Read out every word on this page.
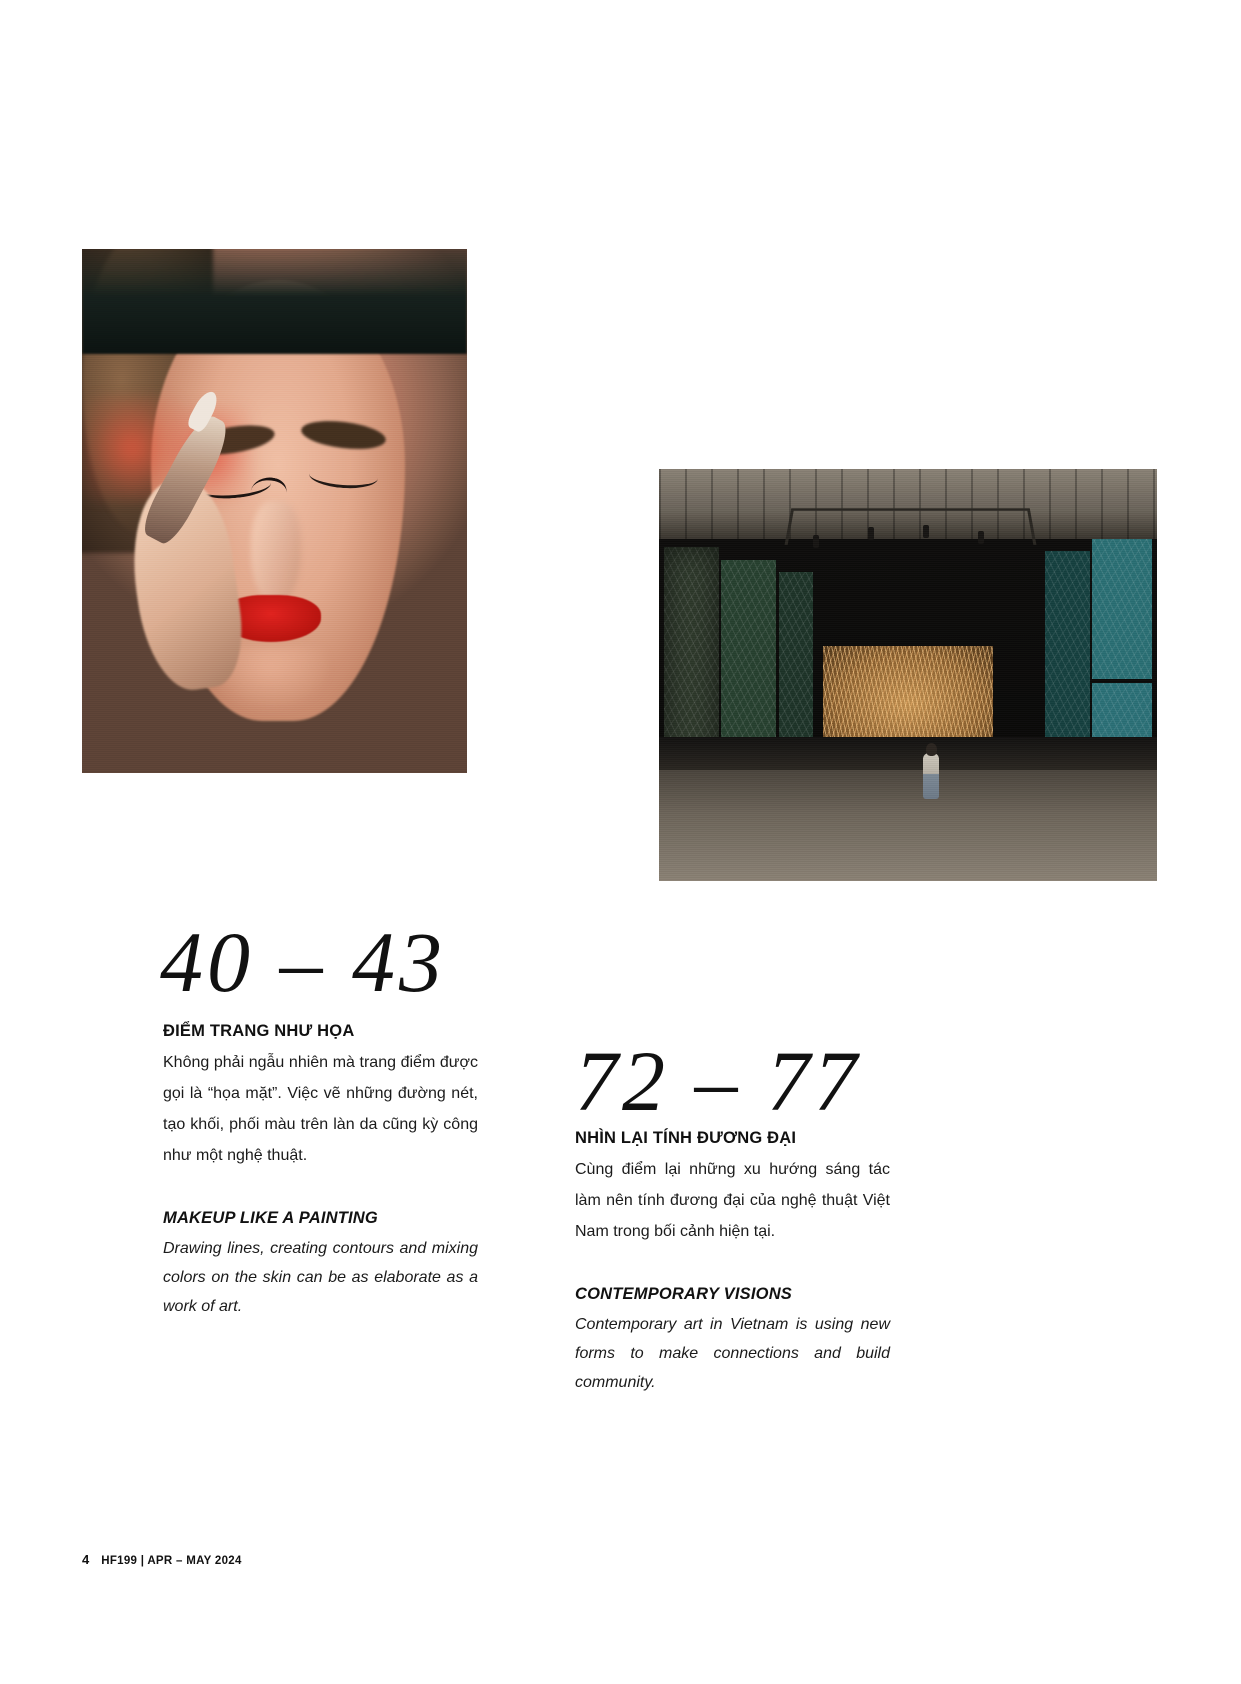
40 – 43
ĐIỂM TRANG NHƯ HỌA

Không phải ngẫu nhiên mà trang điểm được gọi là “họa mặt”. Việc vẽ những đường nét, tạo khối, phối màu trên làn da cũng kỳ công như một nghệ thuật.

MAKEUP LIKE A PAINTING

Drawing lines, creating contours and mixing colors on the skin can be as elaborate as a work of art.

72 – 77
NHÌN LẠI TÍNH ĐƯƠNG ĐẠI

Cùng điểm lại những xu hướng sáng tác làm nên tính đương đại của nghệ thuật Việt Nam trong bối cảnh hiện tại.

CONTEMPORARY VISIONS

Contemporary art in Vietnam is using new forms to make connections and build community.

4 HF199 | APR – MAY 2024
